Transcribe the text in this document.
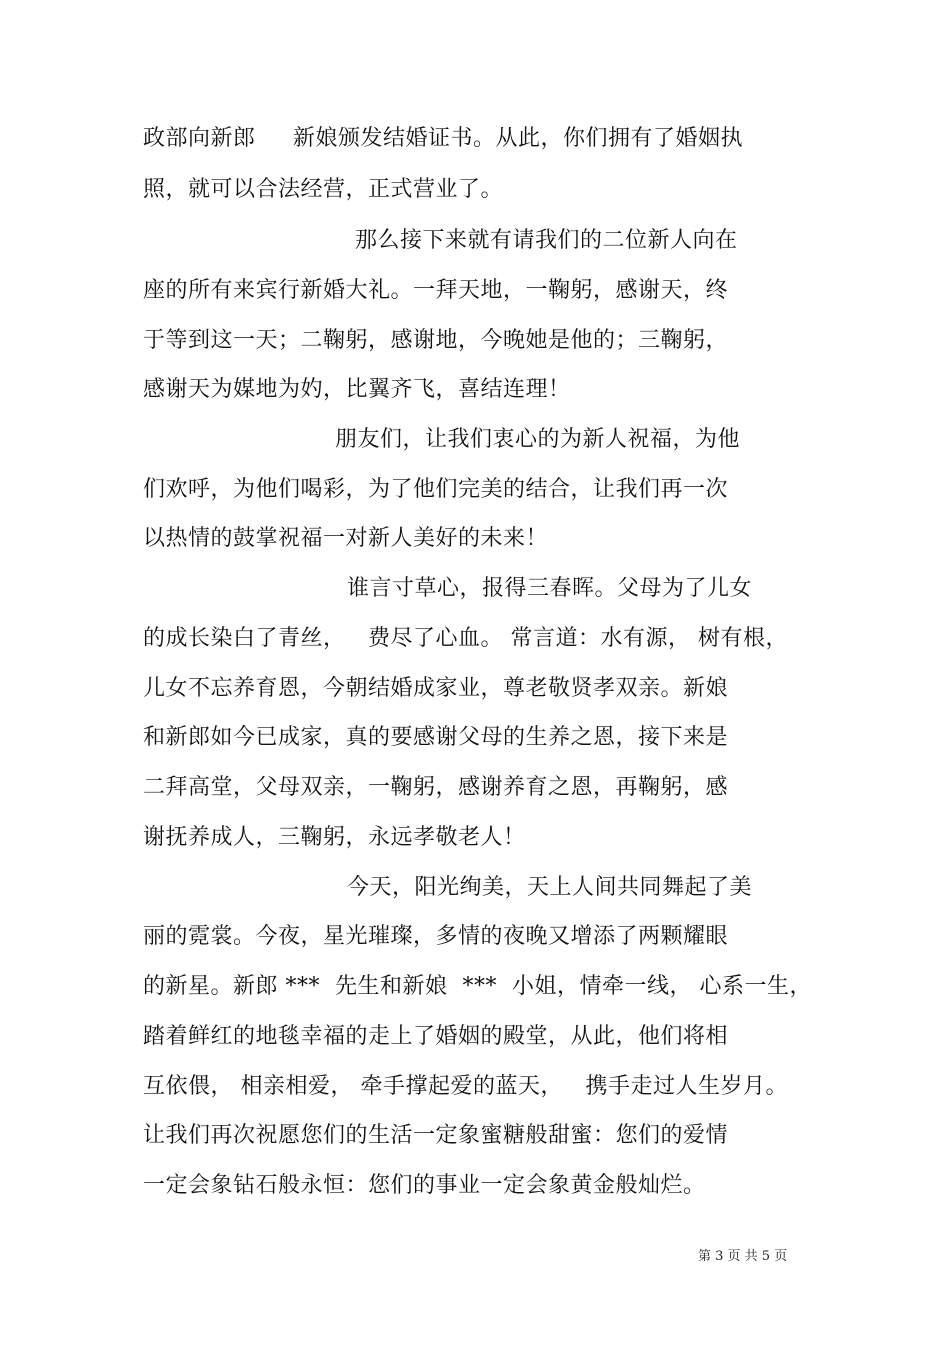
政部向新郎     新娘颁发结婚证书。从此，你们拥有了婚姻执
照，就可以合法经营，正式营业了。
那么接下来就有请我们的二位新人向在
座的所有来宾行新婚大礼。一拜天地，一鞠躬，感谢天，终
于等到这一天；二鞠躬，感谢地，今晚她是他的；三鞠躬，
感谢天为媒地为妁，比翼齐飞，喜结连理！
朋友们，让我们衷心的为新人祝福，为他
们欢呼，为他们喝彩，为了他们完美的结合，让我们再一次
以热情的鼓掌祝福一对新人美好的未来！
谁言寸草心，报得三春晖。父母为了儿女
的成长染白了青丝，   费尽了心血。 常言道：水有源， 树有根，
儿女不忘养育恩，今朝结婚成家业，尊老敬贤孝双亲。新娘
和新郎如今已成家，真的要感谢父母的生养之恩，接下来是
二拜高堂，父母双亲，一鞠躬，感谢养育之恩，再鞠躬，感
谢抚养成人，三鞠躬，永远孝敬老人！
今天，阳光绚美，天上人间共同舞起了美
丽的霓裳。今夜，星光璀璨，多情的夜晚又增添了两颗耀眼
的新星。新郎 ***  先生和新娘  ***  小姐，情牵一线， 心系一生，
踏着鲜红的地毯幸福的走上了婚姻的殿堂，从此，他们将相
互依偎， 相亲相爱， 牵手撑起爱的蓝天，   携手走过人生岁月。
让我们再次祝愿您们的生活一定象蜜糖般甜蜜：您们的爱情
一定会象钻石般永恒：您们的事业一定会象黄金般灿烂。
第 3 页 共 5 页
